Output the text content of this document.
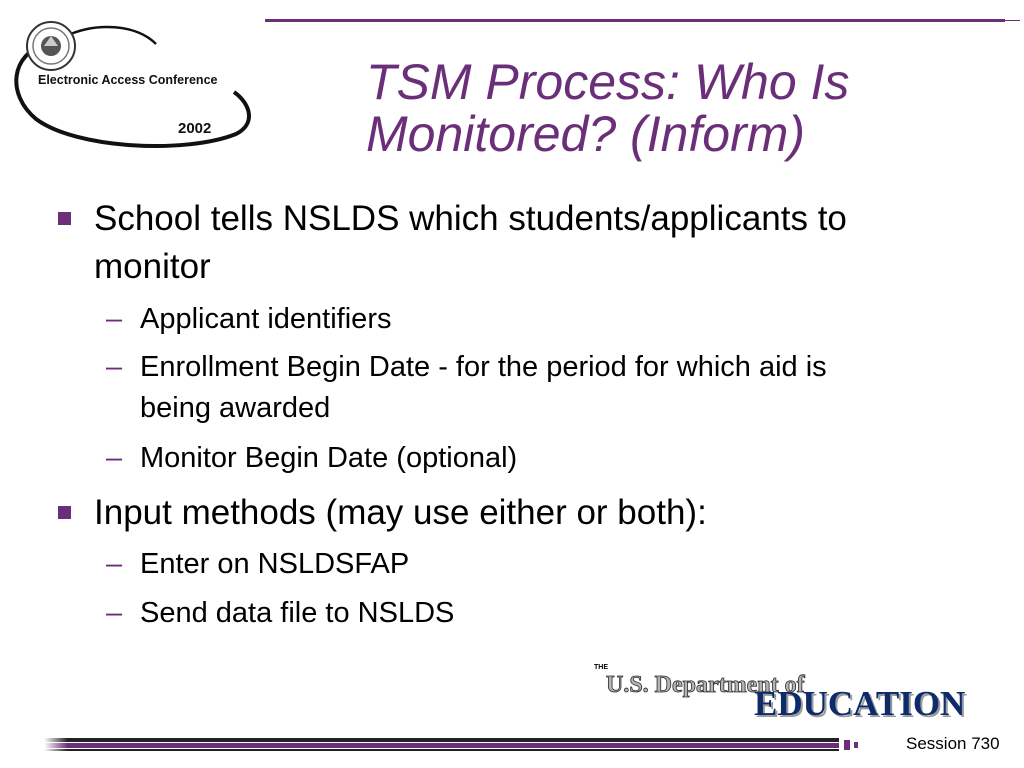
Electronic Access Conference
2002
TSM Process: Who Is
Monitored? (Inform)
School tells NSLDS which students/applicants to
monitor
– Applicant identifiers
– Enrollment Begin Date - for the period for which aid is
being awarded
– Monitor Begin Date (optional)
Input methods (may use either or both):
– Enter on NSLDSFAP
– Send data file to NSLDS
THE
U.S. Department of
EDUCATION
Session 730
